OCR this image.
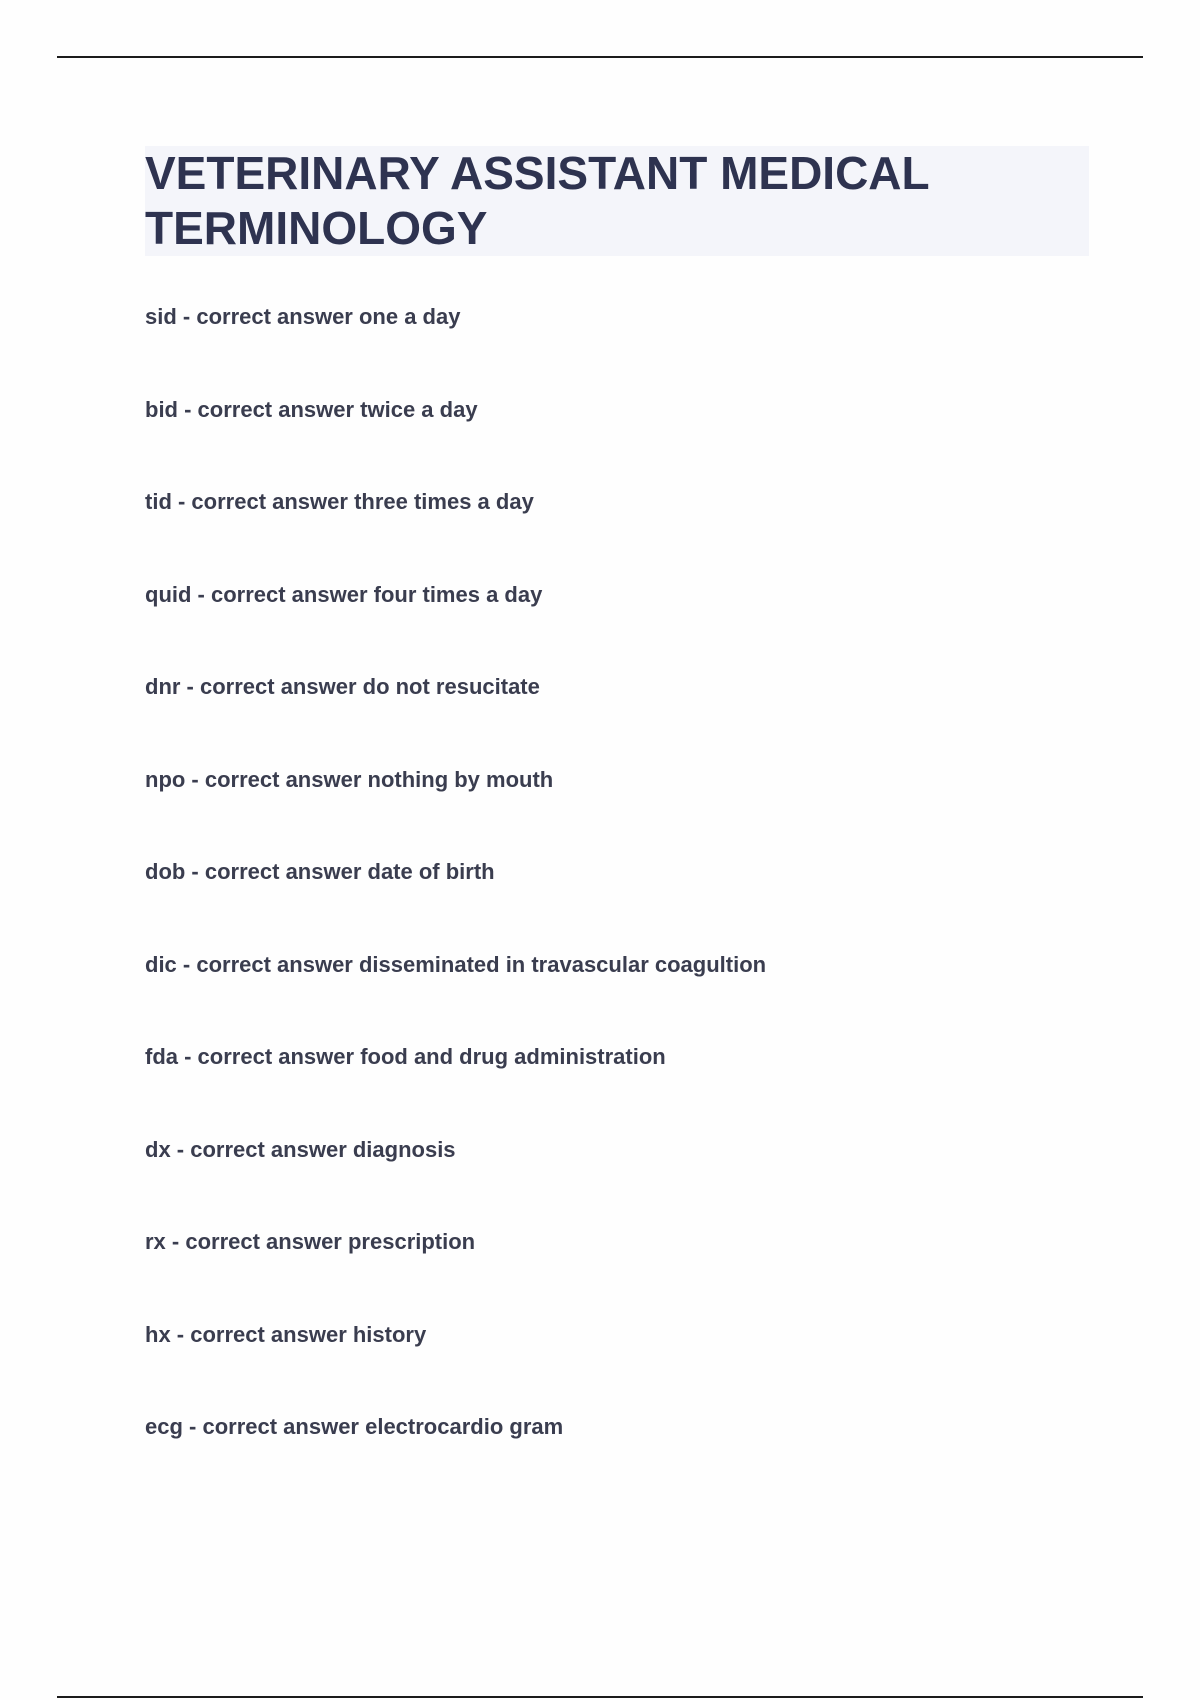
VETERINARY ASSISTANT MEDICAL TERMINOLOGY
sid - correct answer one a day
bid - correct answer twice a day
tid - correct answer three times a day
quid - correct answer four times a day
dnr - correct answer do not resucitate
npo - correct answer nothing by mouth
dob - correct answer date of birth
dic - correct answer disseminated in travascular coagultion
fda - correct answer food and drug administration
dx - correct answer diagnosis
rx - correct answer prescription
hx - correct answer history
ecg - correct answer electrocardio gram
